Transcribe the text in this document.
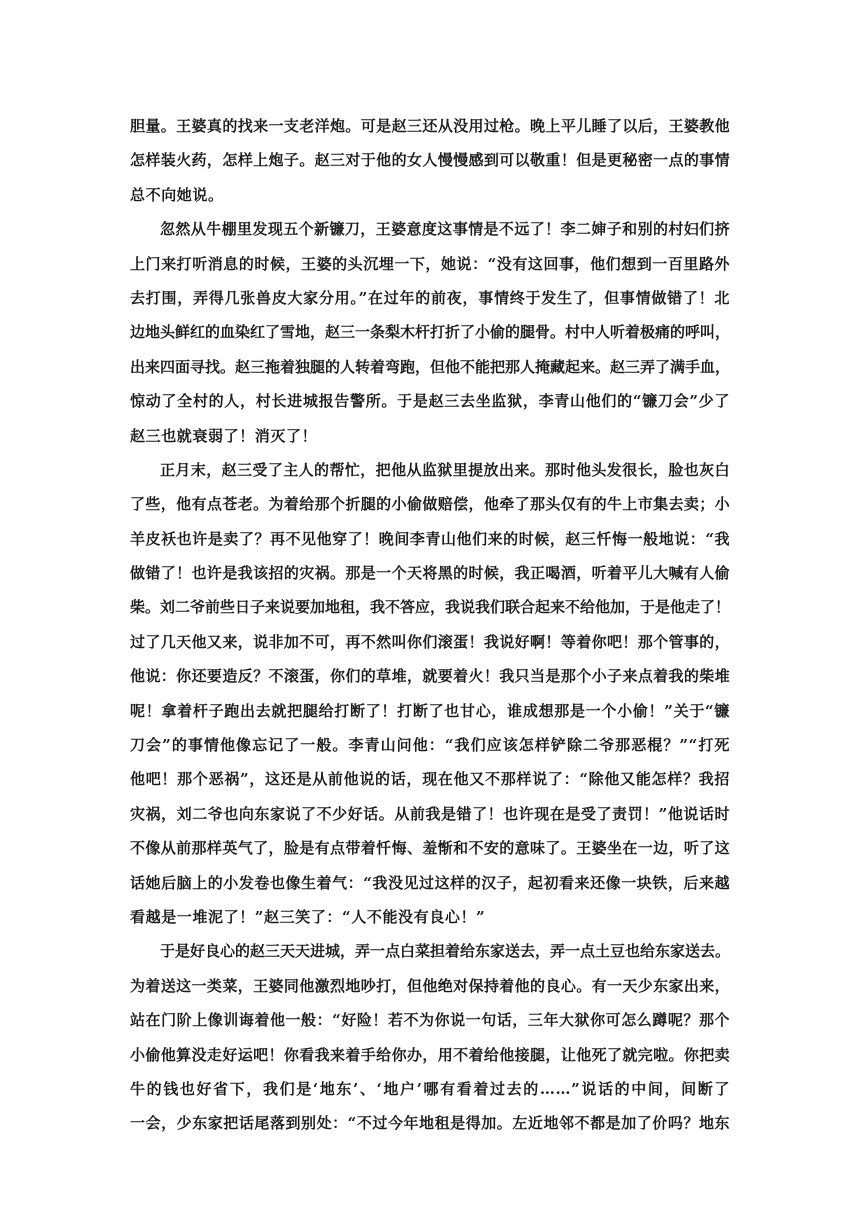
胆量。王婆真的找来一支老洋炮。可是赵三还从没用过枪。晚上平儿睡了以后，王婆教他
怎样装火药，怎样上炮子。赵三对于他的女人慢慢感到可以敬重！但是更秘密一点的事情
总不向她说。
忽然从牛棚里发现五个新镰刀，王婆意度这事情是不远了！李二婶子和别的村妇们挤
上门来打听消息的时候，王婆的头沉埋一下，她说：“没有这回事，他们想到一百里路外
去打围，弄得几张兽皮大家分用。”在过年的前夜，事情终于发生了，但事情做错了！北
边地头鲜红的血染红了雪地，赵三一条梨木杆打折了小偷的腿骨。村中人听着极痛的呼叫，
出来四面寻找。赵三拖着独腿的人转着弯跑，但他不能把那人掩藏起来。赵三弄了满手血，
惊动了全村的人，村长进城报告警所。于是赵三去坐监狱，李青山他们的“镰刀会”少了
赵三也就衰弱了！消灭了！
正月末，赵三受了主人的帮忙，把他从监狱里提放出来。那时他头发很长，脸也灰白
了些，他有点苍老。为着给那个折腿的小偷做赔偿，他牵了那头仅有的牛上市集去卖；小
羊皮袄也许是卖了？再不见他穿了！晚间李青山他们来的时候，赵三忏悔一般地说：“我
做错了！也许是我该招的灾祸。那是一个天将黑的时候，我正喝酒，听着平儿大喊有人偷
柴。刘二爷前些日子来说要加地租，我不答应，我说我们联合起来不给他加，于是他走了！
过了几天他又来，说非加不可，再不然叫你们滚蛋！我说好啊！等着你吧！那个管事的，
他说：你还要造反？不滚蛋，你们的草堆，就要着火！我只当是那个小子来点着我的柴堆
呢！拿着杆子跑出去就把腿给打断了！打断了也甘心，谁成想那是一个小偷！”关于“镰
刀会”的事情他像忘记了一般。李青山问他：“我们应该怎样铲除二爷那恶棍？”“打死
他吧！那个恶祸”，这还是从前他说的话，现在他又不那样说了：“除他又能怎样？我招
灾祸，刘二爷也向东家说了不少好话。从前我是错了！也许现在是受了责罚！”他说话时
不像从前那样英气了，脸是有点带着忏悔、羞惭和不安的意味了。王婆坐在一边，听了这
话她后脑上的小发卷也像生着气：“我没见过这样的汉子，起初看来还像一块铁，后来越
看越是一堆泥了！”赵三笑了：“人不能没有良心！”
于是好良心的赵三天天进城，弄一点白菜担着给东家送去，弄一点土豆也给东家送去。
为着送这一类菜，王婆同他激烈地吵打，但他绝对保持着他的良心。有一天少东家出来，
站在门阶上像训诲着他一般：“好险！若不为你说一句话，三年大狱你可怎么蹲呢？那个
小偷他算没走好运吧！你看我来着手给你办，用不着给他接腿，让他死了就完啦。你把卖
牛的钱也好省下，我们是‘地东’、‘地户’哪有看着过去的……”说话的中间，间断了
一会，少东家把话尾落到别处：“不过今年地租是得加。左近地邻不都是加了价吗？地东
